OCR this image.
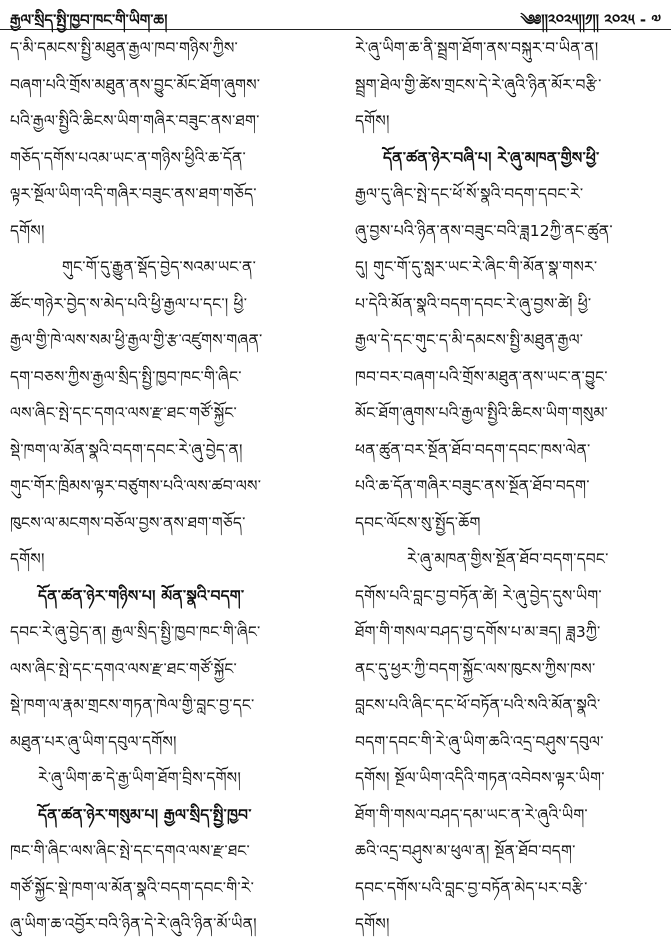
རྒྱལ་སྲིད་སྤྱི་ཁྱབ་ཁང་གི་ཡིག་ཆ།	༄༅།།༢༠༢༥།།༡།། ༢༠༢༥ - ༧
ད་མི་དམངས་སྤྱི་མཐུན་རྒྱལ་ཁབ་གཉིས་ཀྱིས་
བཞག་པའི་གྲོས་མཐུན་ནས་བྱུང་མོང་ཐོག་ཞུགས་
པའི་རྒྱལ་སྤྱིའི་ཆིངས་ཡིག་གཞིར་བཟུང་ནས་ཐག་
གཅོད་དགོས་པའམ་ཡང་ན་གཉིས་ཕྱིའི་ཆ་དོན་
ལྟར་སྔོལ་ཡིག་འདི་གཞིར་བཟུང་ནས་ཐག་གཅོད་
དགོས།
གུང་གོ་དུ་རྒྱུན་སྡོད་བྱེད་སའམ་ཡང་ན་
ཚོང་གཉེར་བྱེད་ས་མེད་པའི་ཕྱི་རྒྱལ་པ་དང་། ཕྱི་
རྒྱལ་གྱི་ཁེ་ལས་སམ་ཕྱི་རྒྱལ་གྱི་རྩ་འཛུགས་གཞན་
དག་བཅས་ཀྱིས་རྒྱལ་སྲིད་སྤྱི་ཁྱབ་ཁང་གི་ཞིང་
ལས་ཞིང་སྤེ་དང་དགའ་ལས་རྫ་ཐང་གཙོ་སྐྱོང་
སྡེ་ཁག་ལ་མོན་སྣའི་བདག་དབང་རེ་ཞུ་བྱེད་ན།
གུང་གོར་ཁྲིམས་ལྟར་བཙུགས་པའི་ལས་ཚབ་ལས་
ཁུངས་ལ་མངགས་བཅོལ་བྱས་ནས་ཐག་གཅོད་
དགོས།
དོན་ཚན་ཉེར་གཉིས་པ། མོན་སྣའི་བདག་
དབང་རེ་ཞུ་བྱེད་ན། རྒྱལ་སྲིད་སྤྱི་ཁྱབ་ཁང་གི་ཞིང་
ལས་ཞིང་སྤེ་དང་དགའ་ལས་རྫ་ཐང་གཙོ་སྐྱོང་
སྡེ་ཁག་ལ་རྣམ་གྲངས་གཏན་ཁེལ་གྱི་བླང་བྱ་དང་
མཐུན་པར་ཞུ་ཡིག་དབུལ་དགོས།
རེ་ཞུ་ཡིག་ཆ་དེ་རྒྱ་ཡིག་ཐོག་བྲིས་དགོས།
དོན་ཚན་ཉེར་གསུམ་པ། རྒྱལ་སྲིད་སྤྱི་ཁྱབ་
ཁང་གི་ཞིང་ལས་ཞིང་སྤེ་དང་དགའ་ལས་རྫ་ཐང་
གཙོ་སྐྱོང་སྡེ་ཁག་ལ་མོན་སྣའི་བདག་དབང་གི་རེ་
ཞུ་ཡིག་ཆ་འབྱོར་བའི་ཉིན་དེ་རེ་ཞུའི་ཉིན་མོ་ཡིན།
རེ་ཞུ་ཡིག་ཆ་ནི་སྦྲག་ཐོག་ནས་བསྐུར་བ་ཡིན་ན།
སྦྲག་ཐེལ་གྱི་ཚེས་གྲངས་དེ་རེ་ཞུའི་ཉིན་མོར་བརྩི་
དགོས།
དོན་ཚན་ཉེར་བཞི་པ། རེ་ཞུ་མཁན་གྱིས་ཕྱི་
རྒྱལ་དུ་ཞིང་སྤེ་དང་ཕོ་སོ་སྣའི་བདག་དབང་རེ་
ཞུ་བྱས་པའི་ཉིན་ནས་བཟུང་བའི་ཟླ12ཀྱི་ནང་ཚུན་
དུ། གུང་གོ་དུ་སླར་ཡང་རེ་ཞིང་གི་མོན་སྣ་གསར་
པ་དེའི་མོན་སྣའི་བདག་དབང་རེ་ཞུ་བྱས་ཚེ། ཕྱི་
རྒྱལ་དེ་དང་གུང་ད་མི་དམངས་སྤྱི་མཐུན་རྒྱལ་
ཁབ་བར་བཞག་པའི་གྲོས་མཐུན་ནས་ཡང་ན་བྱུང་
མོང་ཐོག་ཞུགས་པའི་རྒྱལ་སྤྱིའི་ཆིངས་ཡིག་གསུམ་
ཕན་ཚུན་བར་སྔོན་ཐོབ་བདག་དབང་ཁས་ལེན་
པའི་ཆ་དོན་གཞིར་བཟུང་ནས་སྔོན་ཐོབ་བདག་
དབང་ལོངས་སུ་སྤྱོད་ཆོག
རེ་ཞུ་མཁན་གྱིས་སྔོན་ཐོབ་བདག་དབང་
དགོས་པའི་བླང་བྱ་བཏོན་ཚེ། རེ་ཞུ་བྱེད་དུས་ཡིག་
ཐོག་གི་གསལ་བཤད་བྱ་དགོས་པ་མ་ཟད། ཟླ3ཀྱི་
ནང་དུ་ཕྱར་ཀྱི་བདག་སྐྱོང་ལས་ཁུངས་ཀྱིས་ཁས་
བླངས་པའི་ཞིང་དང་ཕོ་བཏོན་པའི་སའི་མོན་སྣའི་
བདག་དབང་གི་རེ་ཞུ་ཡིག་ཆའི་འདྲ་བཤུས་དབུལ་
དགོས། སྔོལ་ཡིག་འདིའི་གཏན་འབེབས་ལྟར་ཡིག་
ཐོག་གི་གསལ་བཤད་དམ་ཡང་ན་རེ་ཞུའི་ཡིག་
ཆའི་འདྲ་བཤུས་མ་ཕུལ་ན། སྔོན་ཐོབ་བདག་
དབང་དགོས་པའི་བླང་བྱ་བཏོན་མེད་པར་བརྩི་
དགོས།
